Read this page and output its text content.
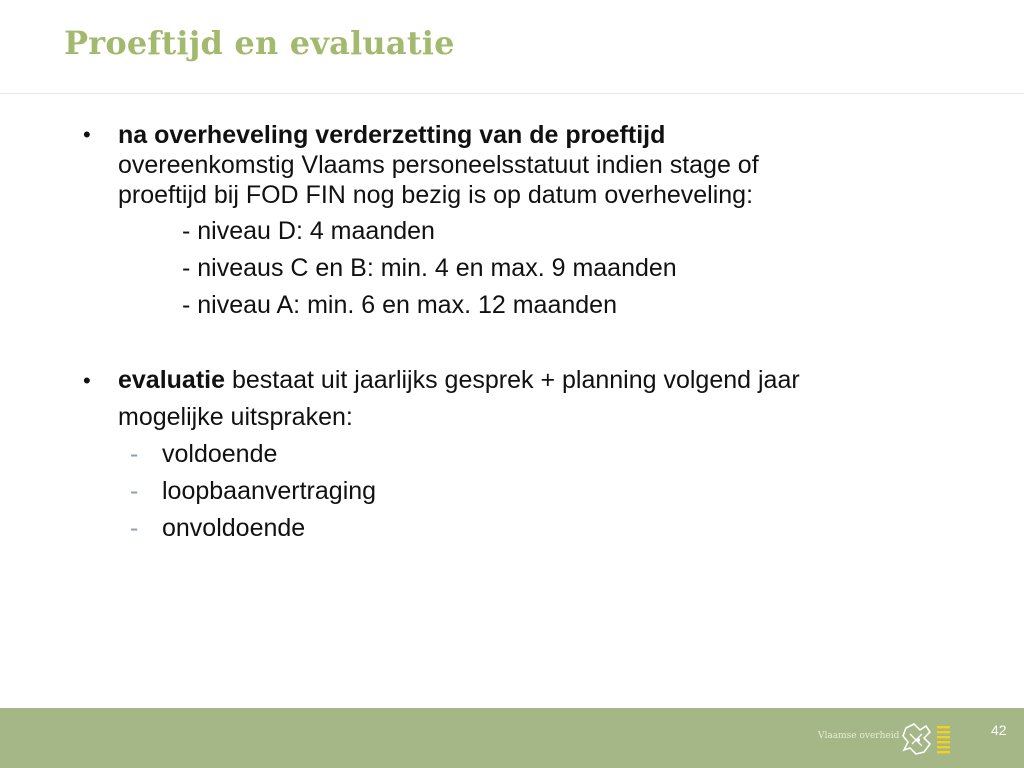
Proeftijd en evaluatie
• na overheveling verderzetting van de proeftijd
overeenkomstig Vlaams personeelsstatuut indien stage of
proeftijd bij FOD FIN nog bezig is op datum overheveling:
- niveau D: 4 maanden
- niveaus C en B: min. 4 en max. 9 maanden
- niveau A: min. 6 en max. 12 maanden
• evaluatie bestaat uit jaarlijks gesprek + planning volgend jaar
mogelijke uitspraken:
- voldoende
- loopbaanvertraging
- onvoldoende
Vlaamse overheid	42
